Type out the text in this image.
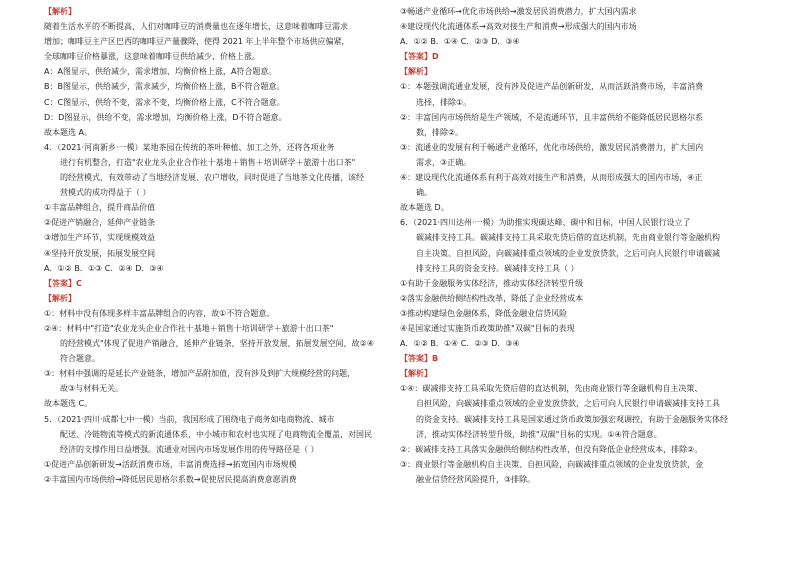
【解析】
随着生活水平的不断提高，人们对咖啡豆的消费量也在逐年增长，这意味着咖啡豆需求
增加；咖啡豆主产区巴西的咖啡豆产量骤降，使得 2021 年上半年整个市场供应偏紧，
全球咖啡豆价格暴涨，这意味着咖啡豆供给减少，价格上涨。
A：A图显示，供给减少，需求增加，均衡价格上涨，A符合题意。
B：B图显示，供给减少，需求减少，均衡价格上涨，B不符合题意。
C：C图显示，供给不变，需求不变，均衡价格上涨，C不符合题意。
D：D图显示，供给不变，需求增加，均衡价格上涨，D不符合题意。
故本题选 A。
4．（2021·河南新乡·一模）某地茶园在传统的茶叶种植、加工之外，还将各项业务
进行有机整合，打造"农业龙头企业合作社十基地＋销售＋培训研学＋旅游十出口茶"
的经营模式，有效带动了当地经济发展、农户增收，同时促进了当地茶文化传播，该经
营模式的成功得益于（ ）
①丰富品牌组合，提升商品价值
②促进产销融合，延伸产业链条
③增加生产环节，实现规模效益
④坚持开放发展，拓展发展空间
A．①② B．①③ C．②④ D．③④
【答案】C
【解析】
①：材料中没有体现多样丰富品牌组合的内容，故①不符合题意。
②④：材料中"打造"农业龙头企业合作社十基地＋销售十培训研学＋旅游十出口茶"
的经营模式"体现了促进产销融合，延伸产业链条，坚持开放发展，拓展发展空间，故②④
符合题意。
③：材料中强调的是延长产业链条，增加产品附加值，没有涉及到扩大规模经营的问题，
故③与材料无关。
故本题选 C。
5．（2021·四川·成都七中一模）当前，我国形成了围绕电子商务如电商物流、城市
配送、冷链物流等模式的新流通体系，中小城市和农村也实现了电商物流全覆盖，对国民
经济的支撑作用日益增强。流通业对国内市场发展作用的传导路径是（ ）
①促进产品创新研发→活跃消费市场，丰富消费选择→拓宽国内市场规模
②丰富国内市场供给→降低居民恩格尔系数→促使居民提高消费意愿消费
③畅通产业循环→优化市场供给→激发居民消费潜力，扩大国内需求
④建设现代化流通体系→高效对接生产和消费→形成强大的国内市场
A．①② B．①④ C．②③ D．③④
【答案】D
【解析】
①：本题强调流通业发展，没有涉及促进产品创新研发，从而活跃消费市场，丰富消费
选择，排除①。
②：丰富国内市场供给是生产领域，不是流通环节，且丰富供给不能降低居民恩格尔系
数，排除②。
③：流通业的发展有利于畅通产业循环，优化市场供给，激发居民消费潜力，扩大国内
需求，③正确。
④：建设现代化流通体系有利于高效对接生产和消费，从而形成强大的国内市场，④正
确。
故本题选 D。
6．（2021·四川达州·一模）为助推实现碳达峰、碳中和目标，中国人民银行设立了
碳减排支持工具。碳减排支持工具采取先贷后借的直达机制，先由商业银行等金融机构
自主决策、自担风险，向碳减排重点领域的企业发放贷款，之后可向人民银行申请碳减
排支持工具的资金支持。碳减排支持工具（ ）
①有助于金融服务实体经济，推动实体经济转型升级
②落实金融供给侧结构性改革，降低了企业经营成本
③推动构建绿色金融体系，降低金融业信贷风险
④是国家通过实施货币政策助推"双碳"目标的表现
A．①② B．①④ C．②③ D．③④
【答案】B
【解析】
①④：碳减排支持工具采取先贷后借的直达机制，先由商业银行等金融机构自主决策、
自担风险，向碳减排重点领域的企业发放贷款，之后可向人民银行申请碳减排支持工具
的资金支持。碳减排支持工具是国家通过货币政策加强宏观调控，有助于金融服务实体经
济，推动实体经济转型升级，助推"双碳"目标的实现。①④符合题意。
②：碳减排支持工具落实金融供给侧结构性改革，但没有降低企业经营成本，排除②。
③：商业银行等金融机构自主决策、自担风险，向碳减排重点领域的企业发放贷款，金
融业信贷经营风险提升，③排除。
